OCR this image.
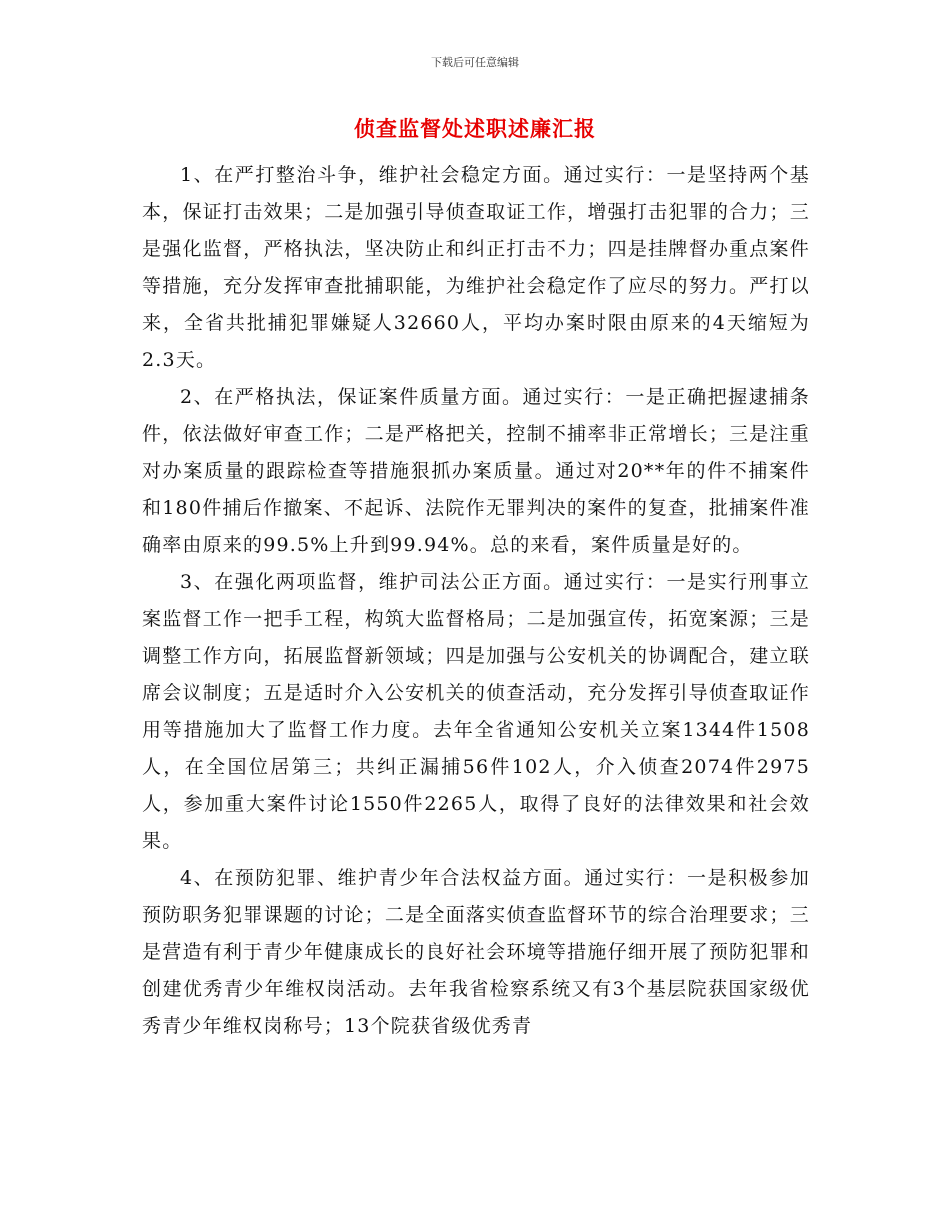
下载后可任意编辑
侦查监督处述职述廉汇报

1、在严打整治斗争，维护社会稳定方面。通过实行：一是坚持两个基本，保证打击效果；二是加强引导侦查取证工作，增强打击犯罪的合力；三是强化监督，严格执法，坚决防止和纠正打击不力；四是挂牌督办重点案件等措施，充分发挥审查批捕职能，为维护社会稳定作了应尽的努力。严打以来，全省共批捕犯罪嫌疑人32660人，平均办案时限由原来的4天缩短为2.3天。

2、在严格执法，保证案件质量方面。通过实行：一是正确把握逮捕条件，依法做好审查工作；二是严格把关，控制不捕率非正常增长；三是注重对办案质量的跟踪检查等措施狠抓办案质量。通过对20**年的件不捕案件和180件捕后作撤案、不起诉、法院作无罪判决的案件的复查，批捕案件准确率由原来的99.5%上升到99.94%。总的来看，案件质量是好的。

3、在强化两项监督，维护司法公正方面。通过实行：一是实行刑事立案监督工作一把手工程，构筑大监督格局；二是加强宣传，拓宽案源；三是调整工作方向，拓展监督新领域；四是加强与公安机关的协调配合，建立联席会议制度；五是适时介入公安机关的侦查活动，充分发挥引导侦查取证作用等措施加大了监督工作力度。去年全省通知公安机关立案1344件1508人，在全国位居第三；共纠正漏捕56件102人，介入侦查2074件2975人，参加重大案件讨论1550件2265人，取得了良好的法律效果和社会效果。

4、在预防犯罪、维护青少年合法权益方面。通过实行：一是积极参加预防职务犯罪课题的讨论；二是全面落实侦查监督环节的综合治理要求；三是营造有利于青少年健康成长的良好社会环境等措施仔细开展了预防犯罪和创建优秀青少年维权岗活动。去年我省检察系统又有3个基层院获国家级优秀青少年维权岗称号；13个院获省级优秀青
